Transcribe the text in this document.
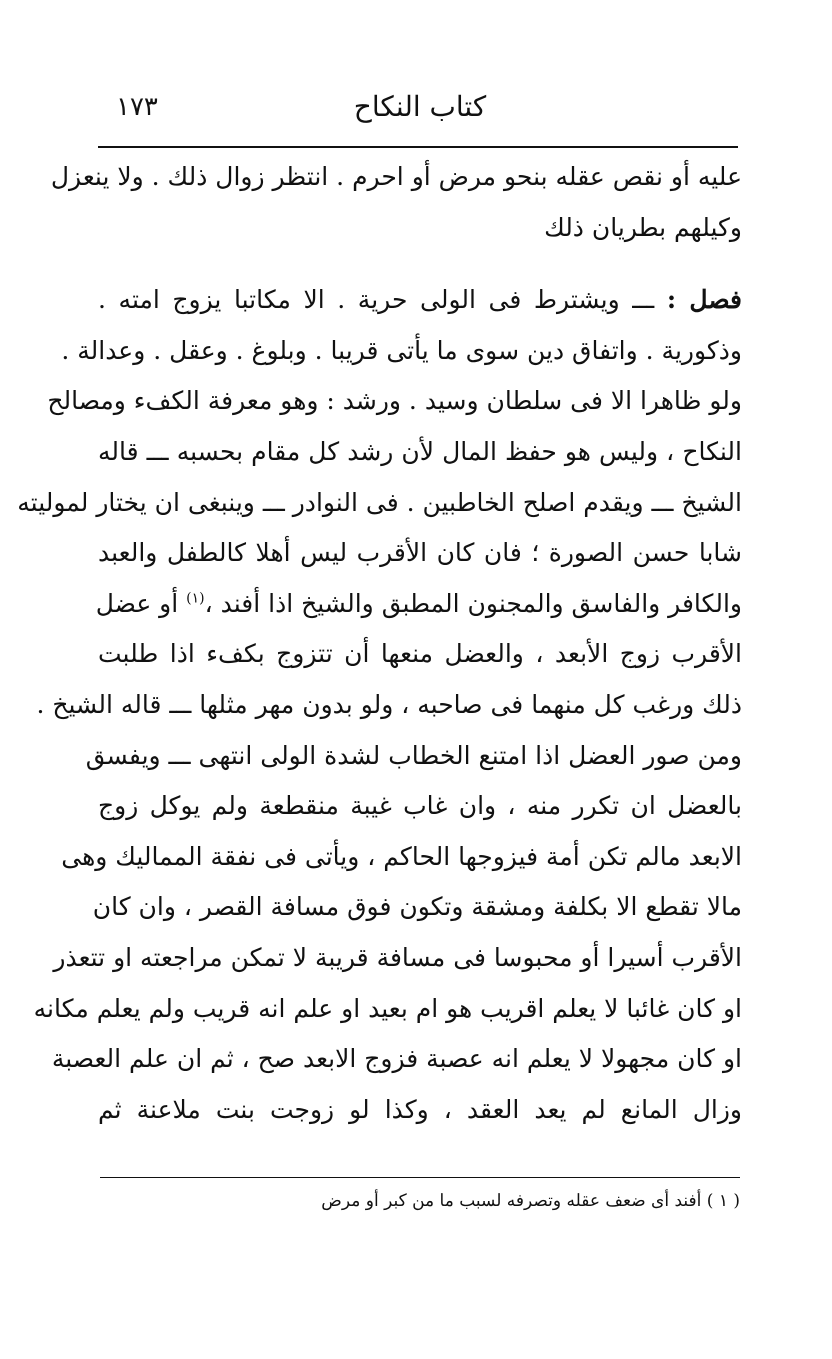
كتاب النكاح
١٧٣
عليه أو نقص عقله بنحو مرض أو احرم . انتظر زوال ذلك . ولا ينعزل
وكيلهم بطريان ذلك
فصل : ـــ ويشترط فى الولى حرية . الا مكاتبا يزوج امته .
وذكورية . واتفاق دين سوى ما يأتى قريبا . وبلوغ . وعقل . وعدالة .
ولو ظاهرا الا فى سلطان وسيد . ورشد : وهو معرفة الكفء ومصالح
النكاح ، وليس هو حفظ المال لأن رشد كل مقام بحسبه ـــ قاله
الشيخ ـــ ويقدم اصلح الخاطبين . فى النوادر ـــ وينبغى ان يختار لموليته
شابا حسن الصورة ؛ فان كان الأقرب ليس أهلا كالطفل والعبد
والكافر والفاسق والمجنون المطبق والشيخ اذا أفند ،$^{(١)}$ أو عضل
الأقرب زوج الأبعد ، والعضل منعها أن تتزوج بكفء اذا طلبت
ذلك ورغب كل منهما فى صاحبه ، ولو بدون مهر مثلها ـــ قاله الشيخ .
ومن صور العضل اذا امتنع الخطاب لشدة الولى انتهى ـــ ويفسق
بالعضل ان تكرر منه ، وان غاب غيبة منقطعة ولم يوكل زوج
الابعد مالم تكن أمة فيزوجها الحاكم ، ويأتى فى نفقة المماليك وهى
مالا تقطع الا بكلفة ومشقة وتكون فوق مسافة القصر ، وان كان
الأقرب أسيرا أو محبوسا فى مسافة قريبة لا تمكن مراجعته او تتعذر
او كان غائبا لا يعلم اقريب هو ام بعيد او علم انه قريب ولم يعلم مكانه
او كان مجهولا لا يعلم انه عصبة فزوج الابعد صح ، ثم ان علم العصبة
وزال المانع لم يعد العقد ، وكذا لو زوجت بنت ملاعنة ثم
( ١ ) أفند أى ضعف عقله وتصرفه لسبب ما من كبر أو مرض
